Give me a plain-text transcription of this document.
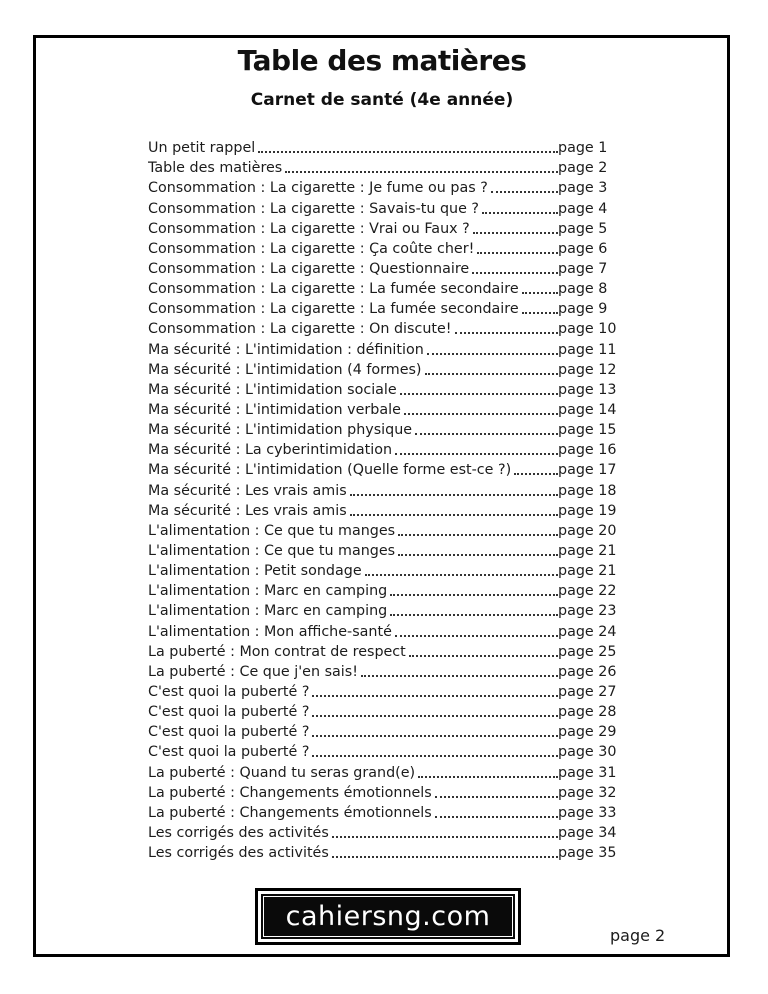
Table des matières
Carnet de santé (4e année)
Un petit rappel	page 1
Table des matières	page 2
Consommation : La cigarette : Je fume ou pas ?	page 3
Consommation : La cigarette : Savais-tu que ?	page 4
Consommation : La cigarette : Vrai ou Faux ?	page 5
Consommation : La cigarette : Ça coûte cher!	page 6
Consommation : La cigarette : Questionnaire	page 7
Consommation : La cigarette : La fumée secondaire	page 8
Consommation : La cigarette : La fumée secondaire	page 9
Consommation : La cigarette : On discute!	page 10
Ma sécurité : L'intimidation : définition	page 11
Ma sécurité : L'intimidation (4 formes)	page 12
Ma sécurité : L'intimidation sociale	page 13
Ma sécurité : L'intimidation verbale	page 14
Ma sécurité : L'intimidation physique	page 15
Ma sécurité : La cyberintimidation	page 16
Ma sécurité : L'intimidation (Quelle forme est-ce ?)	page 17
Ma sécurité : Les vrais amis	page 18
Ma sécurité : Les vrais amis	page 19
L'alimentation : Ce que tu manges	page 20
L'alimentation : Ce que tu manges	page 21
L'alimentation : Petit sondage	page 21
L'alimentation : Marc en camping	page 22
L'alimentation : Marc en camping	page 23
L'alimentation : Mon affiche-santé	page 24
La puberté : Mon contrat de respect	page 25
La puberté : Ce que j'en sais!	page 26
C'est quoi la puberté ?	page 27
C'est quoi la puberté ?	page 28
C'est quoi la puberté ?	page 29
C'est quoi la puberté ?	page 30
La puberté : Quand tu seras grand(e)	page 31
La puberté : Changements émotionnels	page 32
La puberté : Changements émotionnels	page 33
Les corrigés des activités	page 34
Les corrigés des activités	page 35
cahiersng.com
page 2
